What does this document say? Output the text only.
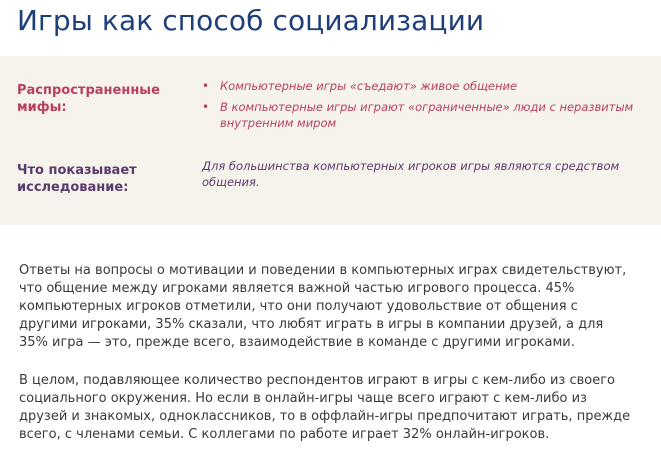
Игры как способ социализации
Распространенные мифы:
• Компьютерные игры «съедают» живое общение
• В компьютерные игры играют «ограниченные» люди с неразвитым внутренним миром
Что показывает исследование:
Для большинства компьютерных игроков игры являются средством общения.

Ответы на вопросы о мотивации и поведении в компьютерных играх свидетельствуют, что общение между игроками является важной частью игрового процесса. 45% компьютерных игроков отметили, что они получают удовольствие от общения с другими игроками, 35% сказали, что любят играть в игры в компании друзей, а для 35% игра — это, прежде всего, взаимодействие в команде с другими игроками.

В целом, подавляющее количество респондентов играют в игры с кем-либо из своего социального окружения. Но если в онлайн-игры чаще всего играют с кем-либо из друзей и знакомых, одноклассников, то в оффлайн-игры предпочитают играть, прежде всего, с членами семьи. С коллегами по работе играет 32% онлайн-игроков.
